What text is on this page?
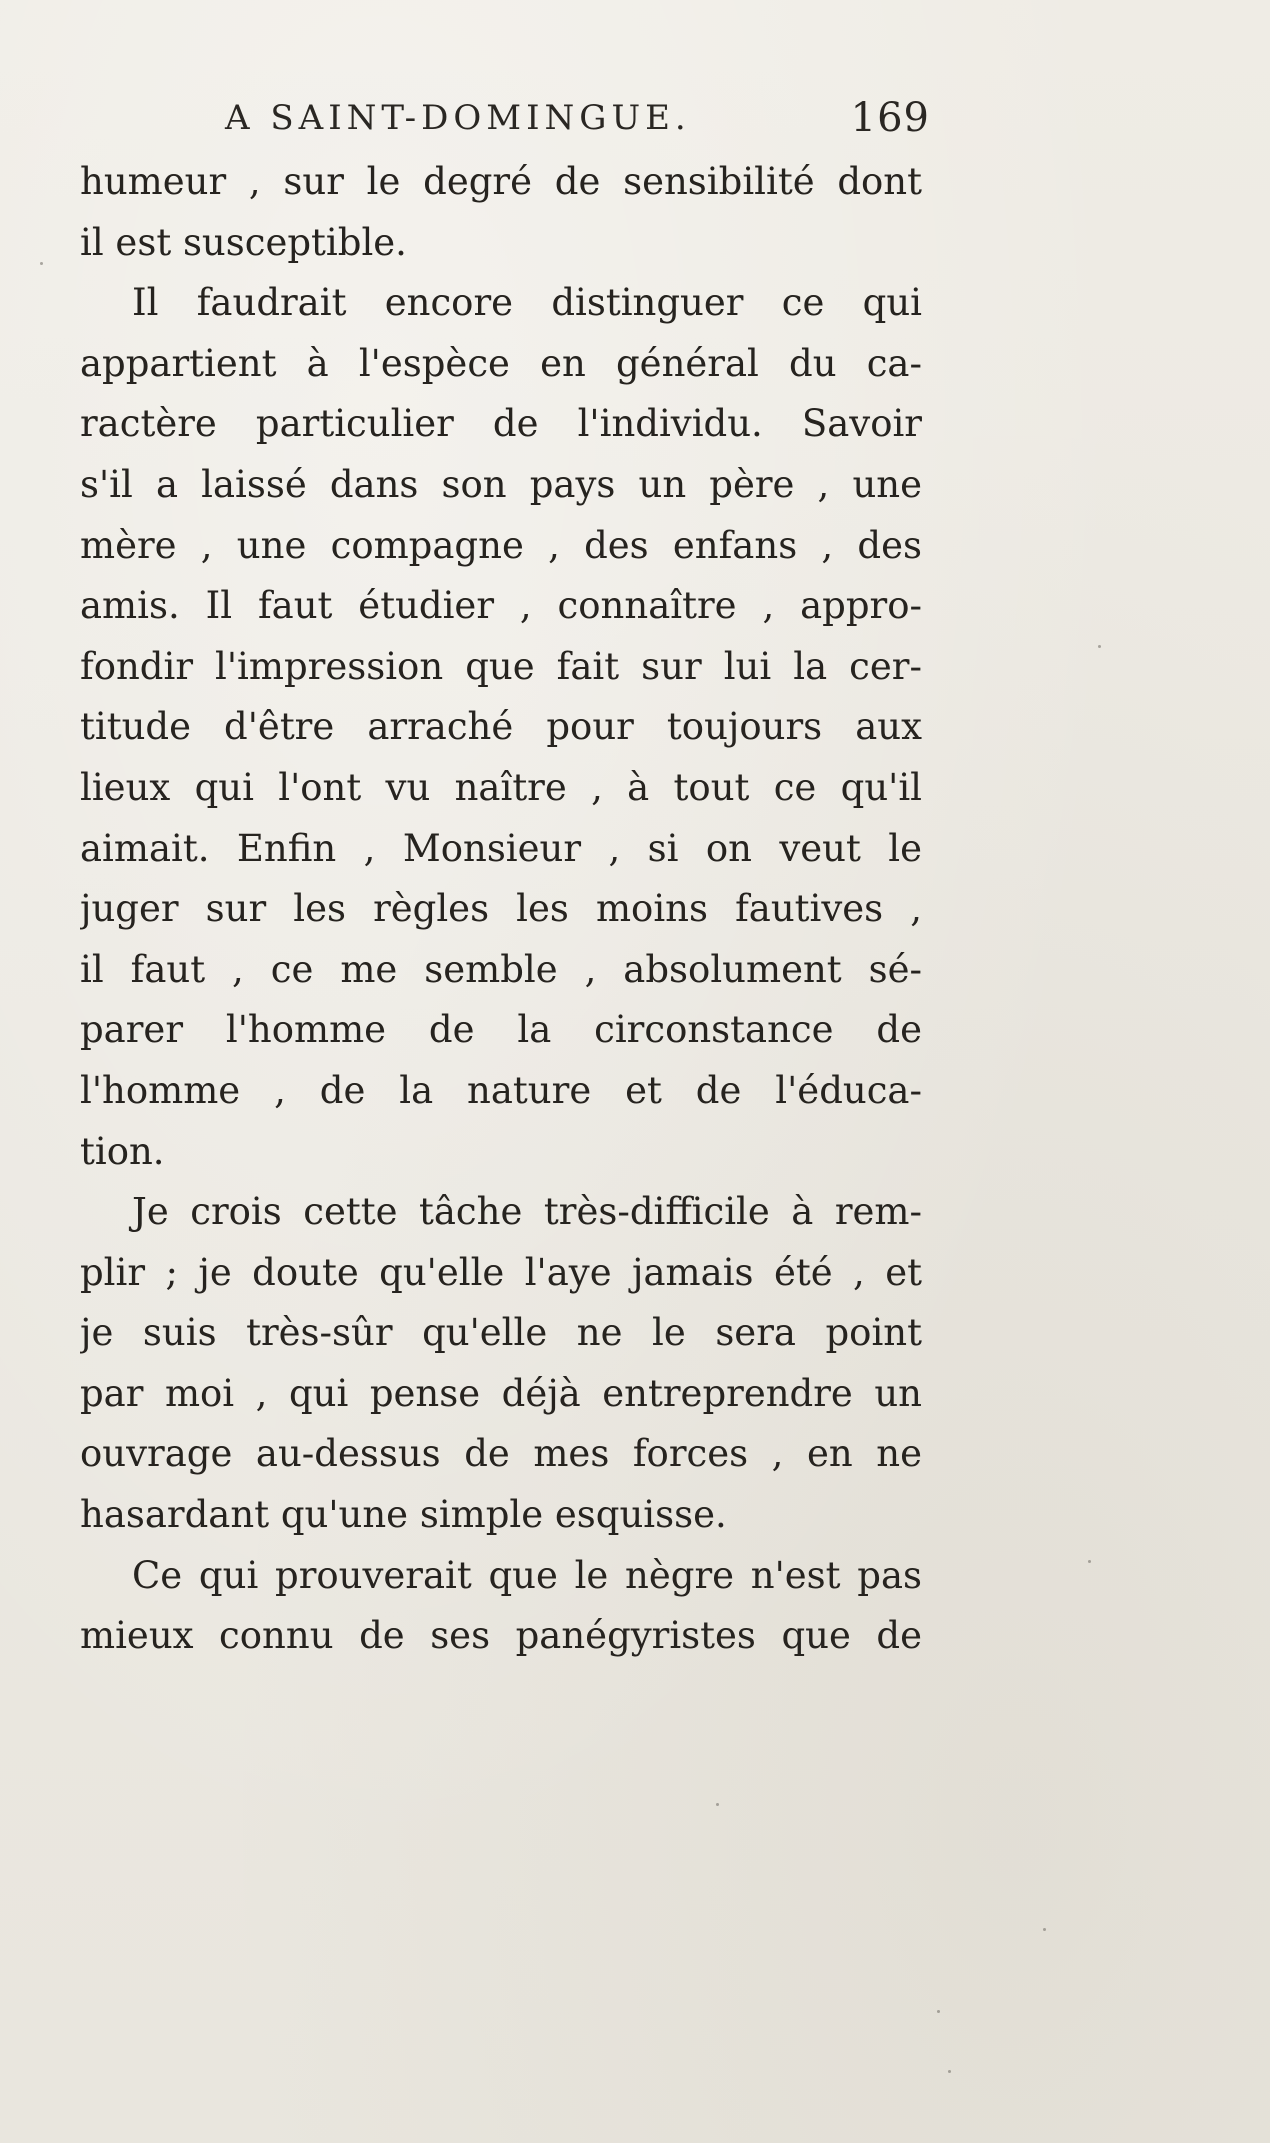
A SAINT-DOMINGUE.	169
humeur , sur le degré de sensibilité dont
il est susceptible.
Il faudrait encore distinguer ce qui
appartient à l'espèce en général du ca-
ractère particulier de l'individu. Savoir
s'il a laissé dans son pays un père , une
mère , une compagne , des enfans , des
amis. Il faut étudier , connaître , appro-
fondir l'impression que fait sur lui la cer-
titude d'être arraché pour toujours aux
lieux qui l'ont vu naître , à tout ce qu'il
aimait. Enfin , Monsieur , si on veut le
juger sur les règles les moins fautives ,
il faut , ce me semble , absolument sé-
parer l'homme de la circonstance de
l'homme , de la nature et de l'éduca-
tion.
Je crois cette tâche très-difficile à rem-
plir ; je doute qu'elle l'aye jamais été , et
je suis très-sûr qu'elle ne le sera point
par moi , qui pense déjà entreprendre un
ouvrage au-dessus de mes forces , en ne
hasardant qu'une simple esquisse.
Ce qui prouverait que le nègre n'est pas
mieux connu de ses panégyristes que de
